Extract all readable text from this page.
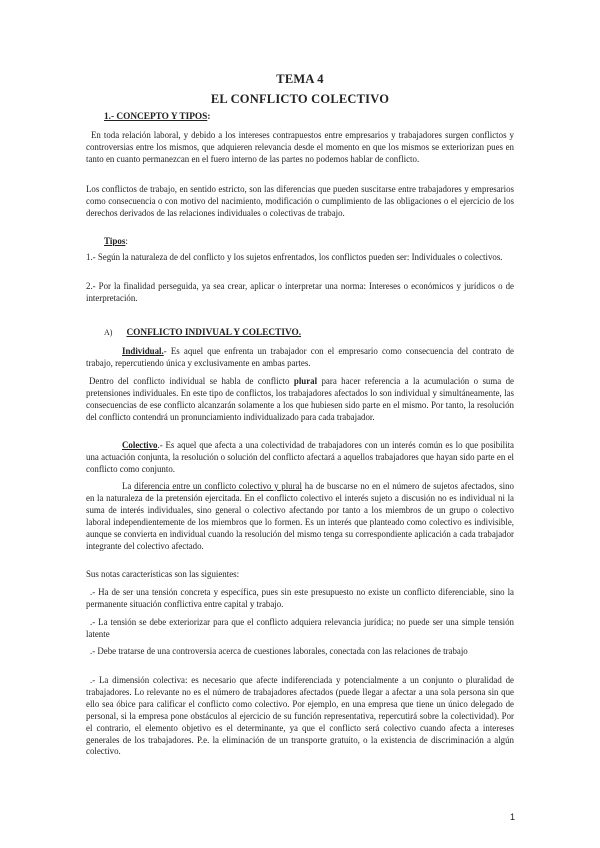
TEMA 4
EL CONFLICTO COLECTIVO
1.- CONCEPTO Y TIPOS:
En toda relación laboral, y debido a los intereses contrapuestos entre empresarios y trabajadores surgen conflictos y controversias entre los mismos, que adquieren relevancia desde el momento en que los mismos se exteriorizan pues en tanto en cuanto permanezcan en el fuero interno de las partes no podemos hablar de conflicto.
Los conflictos de trabajo, en sentido estricto, son las diferencias que pueden suscitarse entre trabajadores y empresarios como consecuencia o con motivo del nacimiento, modificación o cumplimiento de las obligaciones o el ejercicio de los derechos derivados de las relaciones individuales o colectivas de trabajo.
Tipos:
1.- Según la naturaleza de del conflicto y los sujetos enfrentados, los conflictos pueden ser: Individuales o colectivos.
2.- Por la finalidad perseguida, ya sea crear, aplicar o interpretar una norma: Intereses o económicos y jurídicos o de interpretación.
A) CONFLICTO INDIVUAL Y COLECTIVO.
Individual.- Es aquel que enfrenta un trabajador con el empresario como consecuencia del contrato de trabajo, repercutiendo única y exclusivamente en ambas partes.
Dentro del conflicto individual se habla de conflicto plural para hacer referencia a la acumulación o suma de pretensiones individuales. En este tipo de conflictos, los trabajadores afectados lo son individual y simultáneamente, las consecuencias de ese conflicto alcanzarán solamente a los que hubiesen sido parte en el mismo. Por tanto, la resolución del conflicto contendrá un pronunciamiento individualizado para cada trabajador.
Colectivo.- Es aquel que afecta a una colectividad de trabajadores con un interés común es lo que posibilita una actuación conjunta, la resolución o solución del conflicto afectará a aquellos trabajadores que hayan sido parte en el conflicto como conjunto.
La diferencia entre un conflicto colectivo y plural ha de buscarse no en el número de sujetos afectados, sino en la naturaleza de la pretensión ejercitada. En el conflicto colectivo el interés sujeto a discusión no es individual ni la suma de interés individuales, sino general o colectivo afectando por tanto a los miembros de un grupo o colectivo laboral independientemente de los miembros que lo formen. Es un interés que planteado como colectivo es indivisible, aunque se convierta en individual cuando la resolución del mismo tenga su correspondiente aplicación a cada trabajador integrante del colectivo afectado.
Sus notas características son las siguientes:
.- Ha de ser una tensión concreta y específica, pues sin este presupuesto no existe un conflicto diferenciable, sino la permanente situación conflictiva entre capital y trabajo.
.- La tensión se debe exteriorizar para que el conflicto adquiera relevancia jurídica; no puede ser una simple tensión latente
.- Debe tratarse de una controversia acerca de cuestiones laborales, conectada con las relaciones de trabajo
.- La dimensión colectiva: es necesario que afecte indiferenciada y potencialmente a un conjunto o pluralidad de trabajadores. Lo relevante no es el número de trabajadores afectados (puede llegar a afectar a una sola persona sin que ello sea óbice para calificar el conflicto como colectivo. Por ejemplo, en una empresa que tiene un único delegado de personal, si la empresa pone obstáculos al ejercicio de su función representativa, repercutirá sobre la colectividad). Por el contrario, el elemento objetivo es el determinante, ya que el conflicto será colectivo cuando afecta a intereses generales de los trabajadores. P.e. la eliminación de un transporte gratuito, o la existencia de discriminación a algún colectivo.
1
